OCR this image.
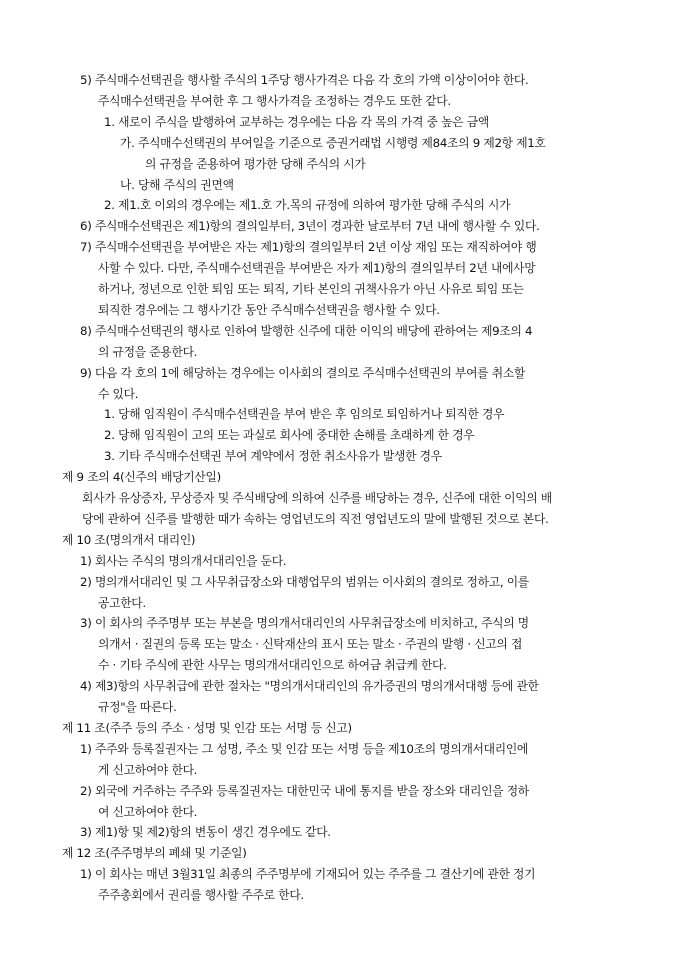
5) 주식매수선택권을 행사할 주식의 1주당 행사가격은 다음 각 호의 가액 이상이어야 한다.
주식매수선택권을 부여한 후 그 행사가격을 조정하는 경우도 또한 같다.
1. 새로이 주식을 발행하여 교부하는 경우에는 다음 각 목의 가격 중 높은 금액
가. 주식매수선택권의 부여일을 기준으로 증권거래법 시행령 제84조의 9 제2항 제1호
의 규정을 준용하여 평가한 당해 주식의 시가
나. 당해 주식의 권면액
2. 제1.호 이외의 경우에는 제1.호 가.목의 규정에 의하여 평가한 당해 주식의 시가
6) 주식매수선택권은 제1)항의 결의일부터, 3년이 경과한 날로부터 7년 내에 행사할 수 있다.
7) 주식매수선택권을 부여받은 자는 제1)항의 결의일부터 2년 이상 재임 또는 재직하여야 행
사할 수 있다. 다만, 주식매수선택권을 부여받은 자가 제1)항의 결의일부터 2년 내에사망
하거나, 정년으로 인한 퇴임 또는 퇴직, 기타 본인의 귀책사유가 아닌 사유로 퇴임 또는
퇴직한 경우에는 그 행사기간 동안 주식매수선택권을 행사할 수 있다.
8) 주식매수선택권의 행사로 인하여 발행한 신주에 대한 이익의 배당에 관하여는 제9조의 4
의 규정을 준용한다.
9) 다음 각 호의 1에 해당하는 경우에는 이사회의 결의로 주식매수선택권의 부여를 취소할
수 있다.
1. 당해 임직원이 주식매수선택권을 부여 받은 후 임의로 퇴임하거나 퇴직한 경우
2. 당해 임직원이 고의 또는 과실로 회사에 중대한 손해를 초래하게 한 경우
3. 기타 주식매수선택권 부여 계약에서 정한 취소사유가 발생한 경우
제 9 조의 4(신주의 배당기산일)
회사가 유상증자, 무상증자 및 주식배당에 의하여 신주를 배당하는 경우, 신주에 대한 이익의 배
당에 관하여 신주를 발행한 때가 속하는 영업년도의 직전 영업년도의 말에 발행된 것으로 본다.
제 10 조(명의개서 대리인)
1) 회사는 주식의 명의개서대리인을 둔다.
2) 명의개서대리인 및 그 사무취급장소와 대행업무의 범위는 이사회의 결의로 정하고, 이를
공고한다.
3) 이 회사의 주주명부 또는 부본을 명의개서대리인의 사무취급장소에 비치하고, 주식의 명
의개서 · 질권의 등록 또는 말소 · 신탁재산의 표시 또는 말소 · 주권의 발행 · 신고의 접
수 · 기타 주식에 관한 사무는 명의개서대리인으로 하여금 취급케 한다.
4) 제3)항의 사무취급에 관한 절차는 "명의개서대리인의 유가증권의 명의개서대행 등에 관한
규정"을 따른다.
제 11 조(주주 등의 주소 · 성명 및 인감 또는 서명 등 신고)
1) 주주와 등록질권자는 그 성명, 주소 및 인감 또는 서명 등을 제10조의 명의개서대리인에
게 신고하여야 한다.
2) 외국에 거주하는 주주와 등록질권자는 대한민국 내에 통지를 받을 장소와 대리인을 정하
여 신고하여야 한다.
3) 제1)항 및 제2)항의 변동이 생긴 경우에도 같다.
제 12 조(주주명부의 폐쇄 및 기준일)
1) 이 회사는 매년 3월31일 최종의 주주명부에 기재되어 있는 주주를 그 결산기에 관한 정기
주주총회에서 권리를 행사할 주주로 한다.
